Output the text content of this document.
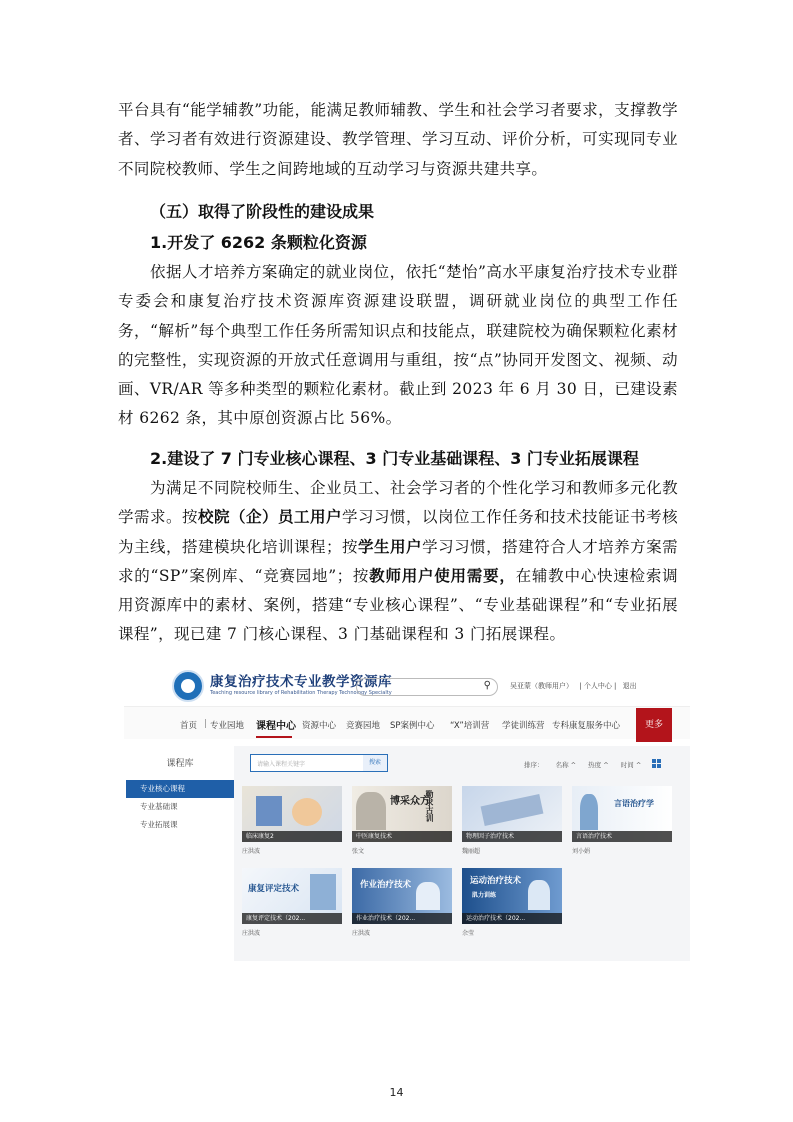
平台具有“能学辅教”功能，能满足教师辅教、学生和社会学习者要求，支撑教学者、学习者有效进行资源建设、教学管理、学习互动、评价分析，可实现同专业不同院校教师、学生之间跨地域的互动学习与资源共建共享。

（五）取得了阶段性的建设成果
1.开发了 6262 条颗粒化资源

依据人才培养方案确定的就业岗位，依托“楚怡”高水平康复治疗技术专业群专委会和康复治疗技术资源库资源建设联盟，调研就业岗位的典型工作任务，“解析”每个典型工作任务所需知识点和技能点，联建院校为确保颗粒化素材的完整性，实现资源的开放式任意调用与重组，按“点”协同开发图文、视频、动画、VR/AR 等多种类型的颗粒化素材。截止到 2023 年 6 月 30 日，已建设素材 6262 条，其中原创资源占比 56%。

2.建设了 7 门专业核心课程、3 门专业基础课程、3 门专业拓展课程

为满足不同院校师生、企业员工、社会学习者的个性化学习和教师多元化教学需求。按校院（企）员工用户学习习惯，以岗位工作任务和技术技能证书考核为主线，搭建模块化培训课程；按学生用户学习习惯，搭建符合人才培养方案需求的“SP”案例库、“竞赛园地”；按教师用户使用需要，在辅教中心快速检索调用资源库中的素材、案例，搭建“专业核心课程”、“专业基础课程”和“专业拓展课程”，现已建 7 门核心课程、3 门基础课程和 3 门拓展课程。

康复治疗技术专业教学资源库
Teaching resource library of Rehabilitation Therapy Technology Specialty
⚲	吴亚蒙（教师用户） | 个人中心 | 退出
首页 | 专业园地 课程中心 资源中心 竞赛园地 SP案例中心 “X”培训营 学徒训练营 专科康复服务中心	更多
课程库
专业核心课程
专业基础课
专业拓展课
请输入课程关键字	搜索	排序： 名称 ^ 热度 ^ 时间 ^
临床康复2
庄洪波
博采众方
勤求古训
中医康复技术
张文
物理因子治疗技术
魏丽超
言语治疗学
言语治疗技术
刘小娟
康复评定技术
康复评定技术（202...
庄洪波
作业治疗技术
作业治疗技术（202...
庄洪波
运动治疗技术
肌力训练
运动治疗技术（202...
余莹
14
